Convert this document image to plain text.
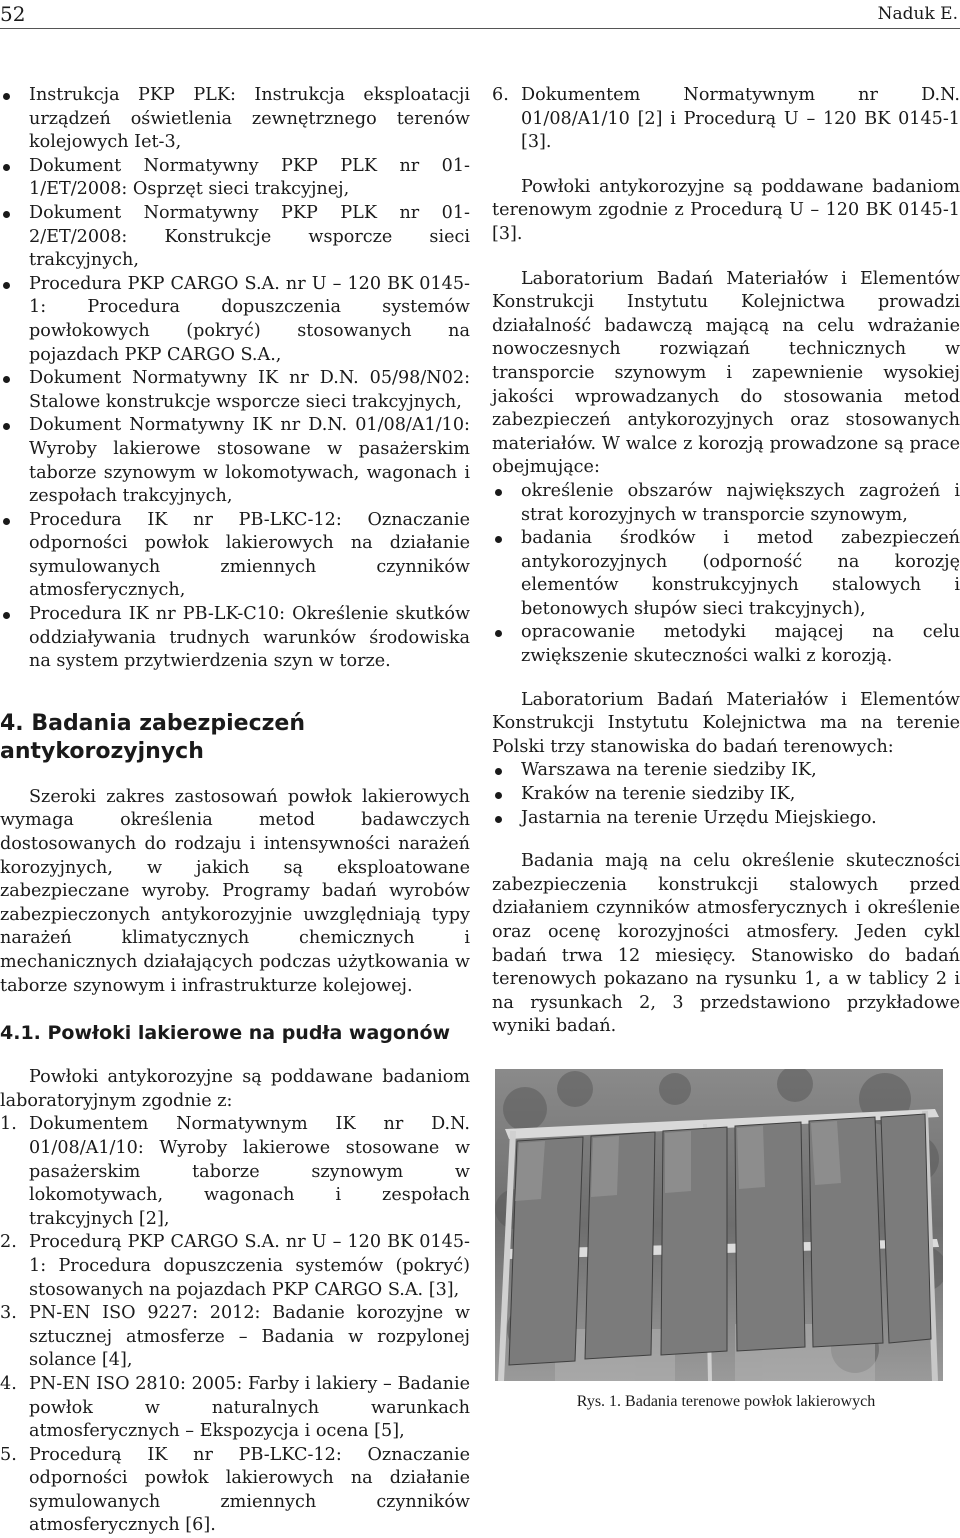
52	Naduk E.
Instrukcja PKP PLK: Instrukcja eksploatacji urządzeń oświetlenia zewnętrznego terenów kolejowych Iet-3,
Dokument Normatywny PKP PLK nr 01-1/ET/2008: Osprzęt sieci trakcyjnej,
Dokument Normatywny PKP PLK nr 01-2/ET/2008: Konstrukcje wsporcze sieci trakcyjnych,
Procedura PKP CARGO S.A. nr U – 120 BK 0145-1: Procedura dopuszczenia systemów powłokowych (pokryć) stosowanych na pojazdach PKP CARGO S.A.,
Dokument Normatywny IK nr D.N. 05/98/N02: Stalowe konstrukcje wsporcze sieci trakcyjnych,
Dokument Normatywny IK nr D.N. 01/08/A1/10: Wyroby lakierowe stosowane w pasażerskim taborze szynowym w lokomotywach, wagonach i zespołach trakcyjnych,
Procedura IK nr PB-LKC-12: Oznaczanie odporności powłok lakierowych na działanie symulowanych zmiennych czynników atmosferycznych,
Procedura IK nr PB-LK-C10: Określenie skutków oddziaływania trudnych warunków środowiska na system przytwierdzenia szyn w torze.
4. Badania zabezpieczeń antykorozyjnych

Szeroki zakres zastosowań powłok lakierowych wymaga określenia metod badawczych dostosowanych do rodzaju i intensywności narażeń korozyjnych, w jakich są eksploatowane zabezpieczane wyroby. Programy badań wyrobów zabezpieczonych antykorozyjnie uwzględniają typy narażeń klimatycznych chemicznych i mechanicznych działających podczas użytkowania w taborze szynowym i infrastrukturze kolejowej.

4.1. Powłoki lakierowe na pudła wagonów

Powłoki antykorozyjne są poddawane badaniom laboratoryjnym zgodnie z:

1. Dokumentem Normatywnym IK nr D.N. 01/08/A1/10: Wyroby lakierowe stosowane w pasażerskim taborze szynowym w lokomotywach, wagonach i zespołach trakcyjnych [2],
2. Procedurą PKP CARGO S.A. nr U – 120 BK 0145-1: Procedura dopuszczenia systemów (pokryć) stosowanych na pojazdach PKP CARGO S.A. [3],
3. PN-EN ISO 9227: 2012: Badanie korozyjne w sztucznej atmosferze – Badania w rozpylonej solance [4],
4. PN-EN ISO 2810: 2005: Farby i lakiery – Badanie powłok w naturalnych warunkach atmosferycznych – Ekspozycja i ocena [5],
5. Procedurą IK nr PB-LKC-12: Oznaczanie odporności powłok lakierowych na działanie symulowanych zmiennych czynników atmosferycznych [6].
6. Dokumentem Normatywnym nr D.N. 01/08/A1/10 [2] i Procedurą U – 120 BK 0145-1 [3].

Powłoki antykorozyjne są poddawane badaniom terenowym zgodnie z Procedurą U – 120 BK 0145-1 [3].

Laboratorium Badań Materiałów i Elementów Konstrukcji Instytutu Kolejnictwa prowadzi działalność badawczą mającą na celu wdrażanie nowoczesnych rozwiązań technicznych w transporcie szynowym i zapewnienie wysokiej jakości wprowadzanych do stosowania metod zabezpieczeń antykorozyjnych oraz stosowanych materiałów. W walce z korozją prowadzone są prace obejmujące:

określenie obszarów największych zagrożeń i strat korozyjnych w transporcie szynowym,
badania środków i metod zabezpieczeń antykorozyjnych (odporność na korozję elementów konstrukcyjnych stalowych i betonowych słupów sieci trakcyjnych),
opracowanie metodyki mającej na celu zwiększenie skuteczności walki z korozją.

Laboratorium Badań Materiałów i Elementów Konstrukcji Instytutu Kolejnictwa ma na terenie Polski trzy stanowiska do badań terenowych:

Warszawa na terenie siedziby IK,
Kraków na terenie siedziby IK,
Jastarnia na terenie Urzędu Miejskiego.

Badania mają na celu określenie skuteczności zabezpieczenia konstrukcji stalowych przed działaniem czynników atmosferycznych i określenie oraz ocenę korozyjności atmosfery. Jeden cykl badań trwa 12 miesięcy. Stanowisko do badań terenowych pokazano na rysunku 1, a w tablicy 2 i na rysunkach 2, 3 przedstawiono przykładowe wyniki badań.

Rys. 1. Badania terenowe powłok lakierowych
